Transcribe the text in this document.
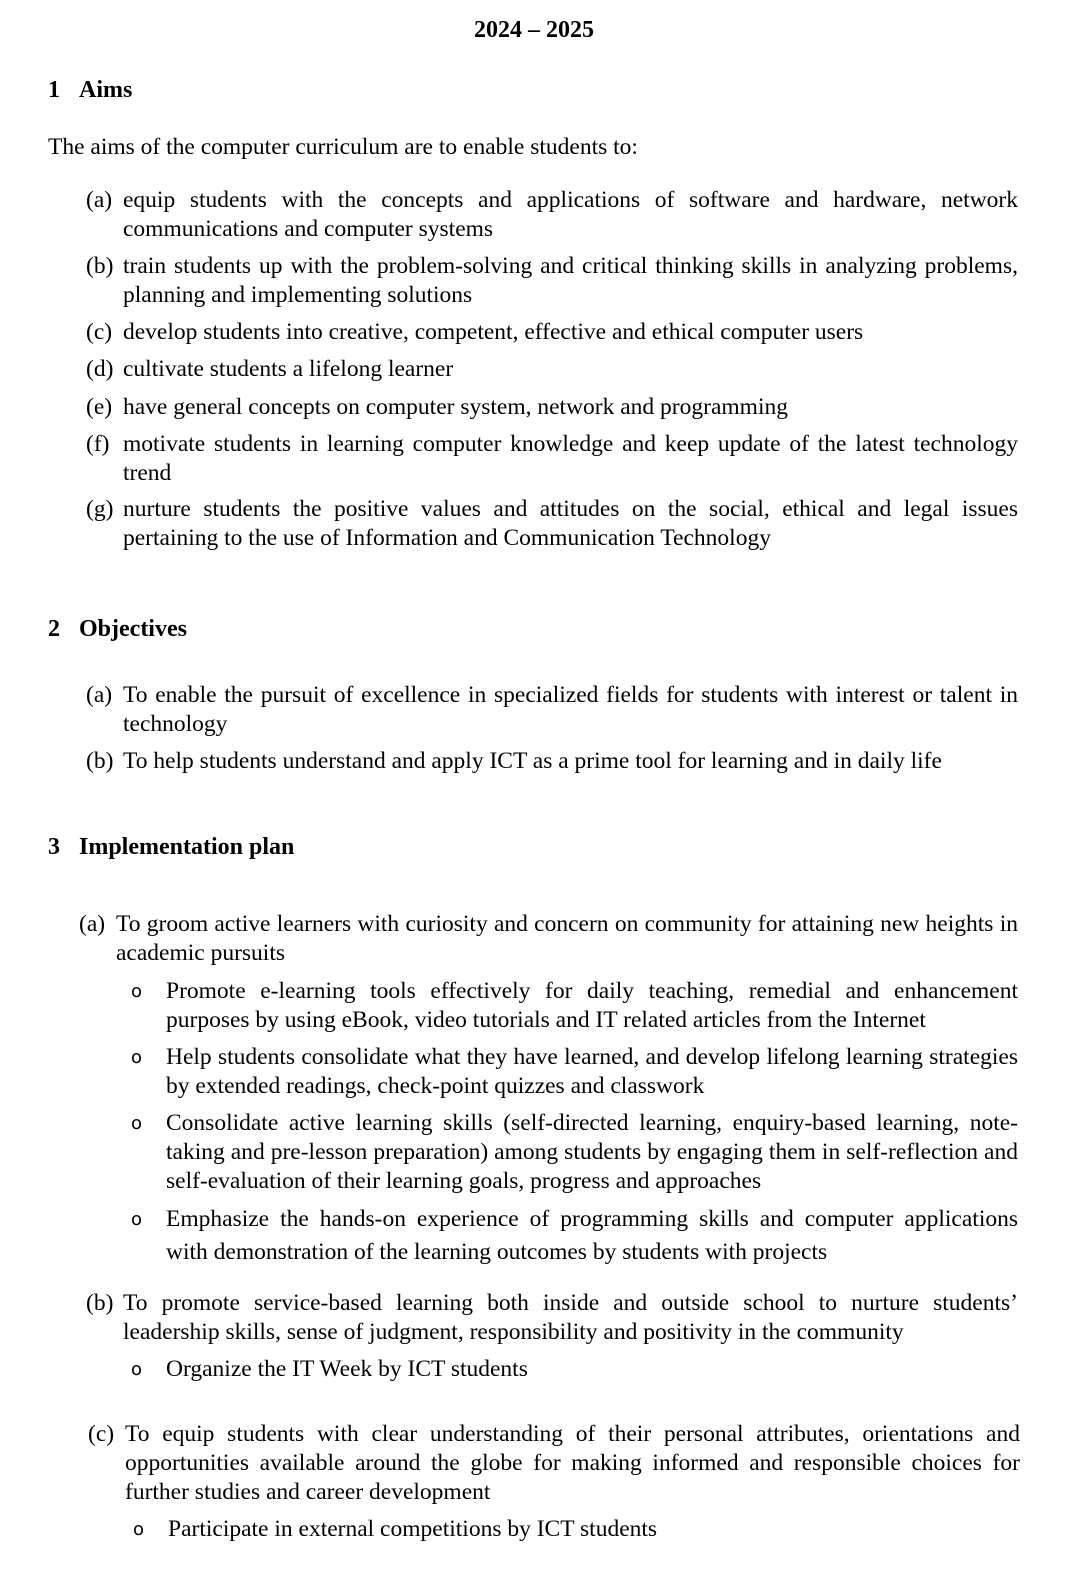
2024 – 2025
1 Aims

The aims of the computer curriculum are to enable students to:

(a) equip students with the concepts and applications of software and hardware, network communications and computer systems
(b) train students up with the problem-solving and critical thinking skills in analyzing problems, planning and implementing solutions
(c) develop students into creative, competent, effective and ethical computer users
(d) cultivate students a lifelong learner
(e) have general concepts on computer system, network and programming
(f) motivate students in learning computer knowledge and keep update of the latest technology trend
(g) nurture students the positive values and attitudes on the social, ethical and legal issues pertaining to the use of Information and Communication Technology
2 Objectives
(a) To enable the pursuit of excellence in specialized fields for students with interest or talent in technology
(b) To help students understand and apply ICT as a prime tool for learning and in daily life
3 Implementation plan
(a) To groom active learners with curiosity and concern on community for attaining new heights in academic pursuits
o Promote e-learning tools effectively for daily teaching, remedial and enhancement purposes by using eBook, video tutorials and IT related articles from the Internet
o Help students consolidate what they have learned, and develop lifelong learning strategies by extended readings, check-point quizzes and classwork
o Consolidate active learning skills (self-directed learning, enquiry-based learning, note-taking and pre-lesson preparation) among students by engaging them in self-reflection and self-evaluation of their learning goals, progress and approaches
o Emphasize the hands-on experience of programming skills and computer applications with demonstration of the learning outcomes by students with projects
(b) To promote service-based learning both inside and outside school to nurture students’ leadership skills, sense of judgment, responsibility and positivity in the community
o Organize the IT Week by ICT students
(c) To equip students with clear understanding of their personal attributes, orientations and opportunities available around the globe for making informed and responsible choices for further studies and career development
o Participate in external competitions by ICT students
